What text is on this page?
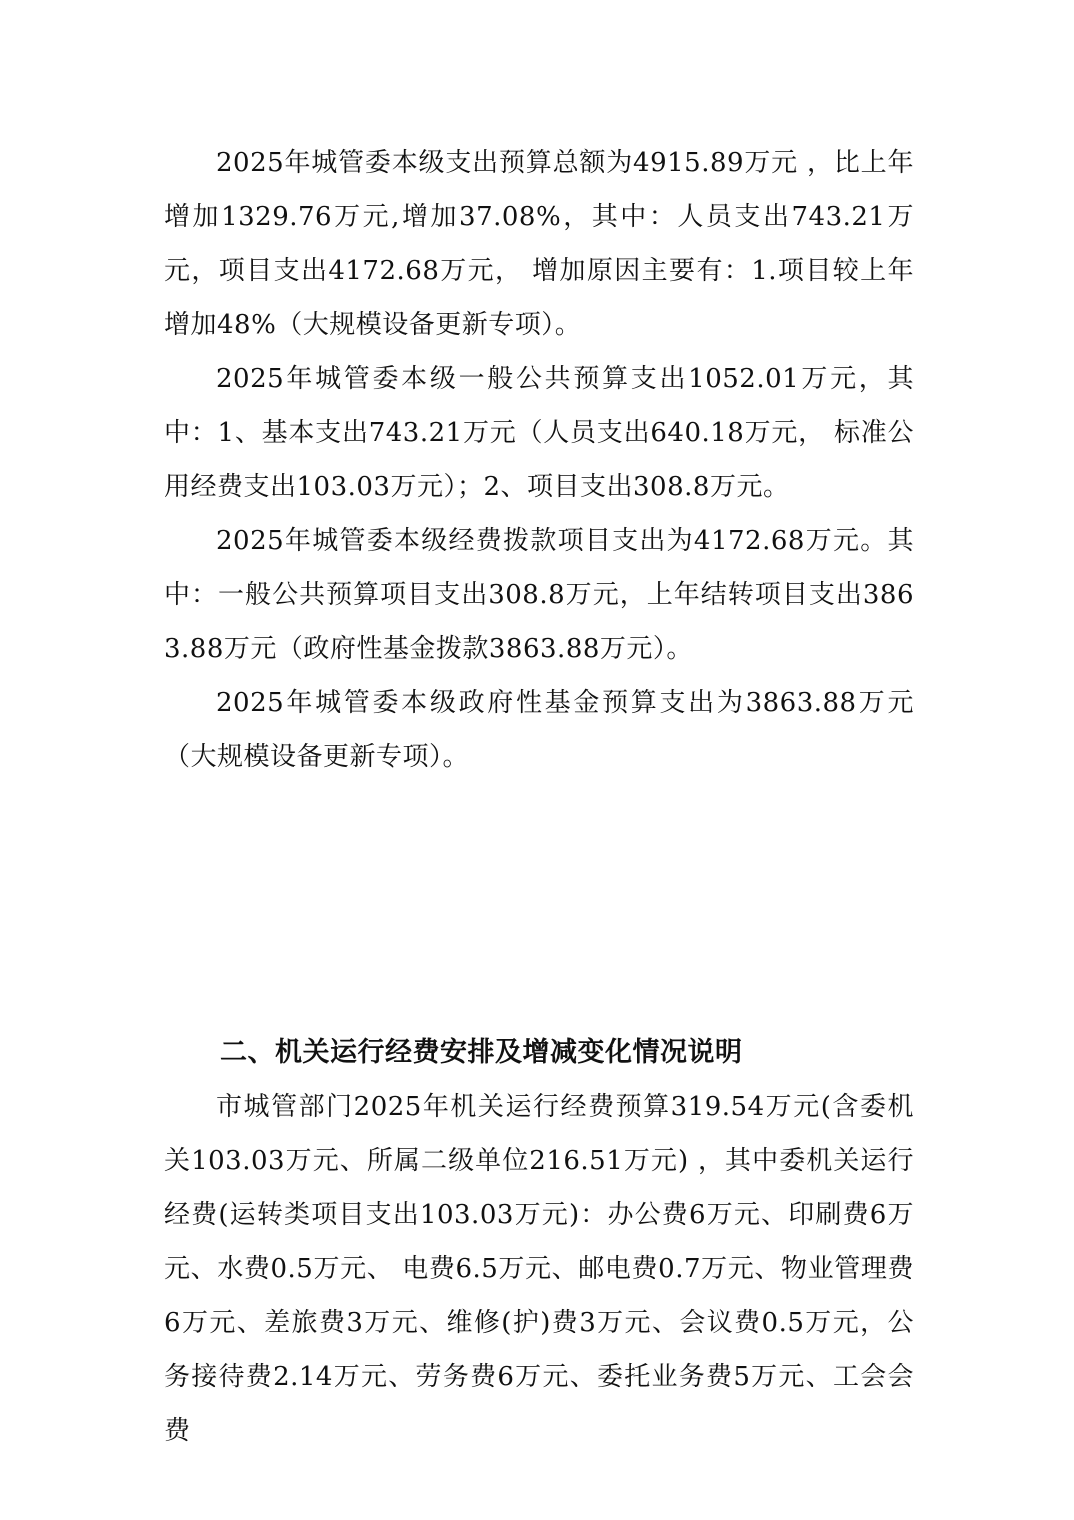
2025年城管委本级支出预算总额为4915.89万元 ，比上年增加1329.76万元,增加37.08%，其中：人员支出743.21万元，项目支出4172.68万元， 增加原因主要有：1.项目较上年增加48%（大规模设备更新专项）。

2025年城管委本级一般公共预算支出1052.01万元，其中：1、基本支出743.21万元（人员支出640.18万元， 标准公用经费支出103.03万元）；2、项目支出308.8万元。

2025年城管委本级经费拨款项目支出为4172.68万元。其中：一般公共预算项目支出308.8万元，上年结转项目支出3863.88万元（政府性基金拨款3863.88万元）。

2025年城管委本级政府性基金预算支出为3863.88万元（大规模设备更新专项）。

二、机关运行经费安排及增减变化情况说明

市城管部门2025年机关运行经费预算319.54万元(含委机关103.03万元、所属二级单位216.51万元) ，其中委机关运行经费(运转类项目支出103.03万元)：办公费6万元、印刷费6万元、水费0.5万元、 电费6.5万元、邮电费0.7万元、物业管理费6万元、差旅费3万元、维修(护)费3万元、会议费0.5万元，公务接待费2.14万元、劳务费6万元、委托业务费5万元、工会会费
